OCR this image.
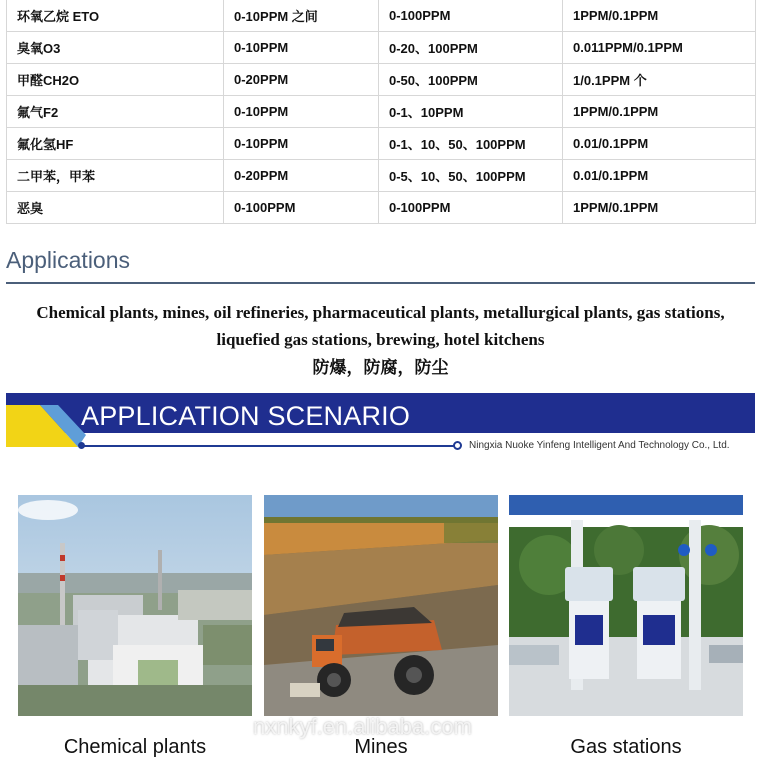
环氧乙烷 ETO	0-10PPM 之间	0-100PPM	1PPM/0.1PPM
臭氧O3	0-10PPM	0-20、100PPM	0.011PPM/0.1PPM
甲醛CH2O	0-20PPM	0-50、100PPM	1/0.1PPM 个
氟气F2	0-10PPM	0-1、10PPM	1PPM/0.1PPM
氟化氢HF	0-10PPM	0-1、10、50、100PPM	0.01/0.1PPM
二甲苯，甲苯	0-20PPM	0-5、10、50、100PPM	0.01/0.1PPM
恶臭	0-100PPM	0-100PPM	1PPM/0.1PPM
Applications
Chemical plants, mines, oil refineries, pharmaceutical plants, metallurgical plants, gas stations,
liquefied gas stations, brewing, hotel kitchens
防爆，防腐，防尘
APPLICATION SCENARIO
Ningxia Nuoke Yinfeng Intelligent And Technology Co., Ltd.
Chemical plants	Mines	Gas stations
nxnkyf.en.alibaba.com
